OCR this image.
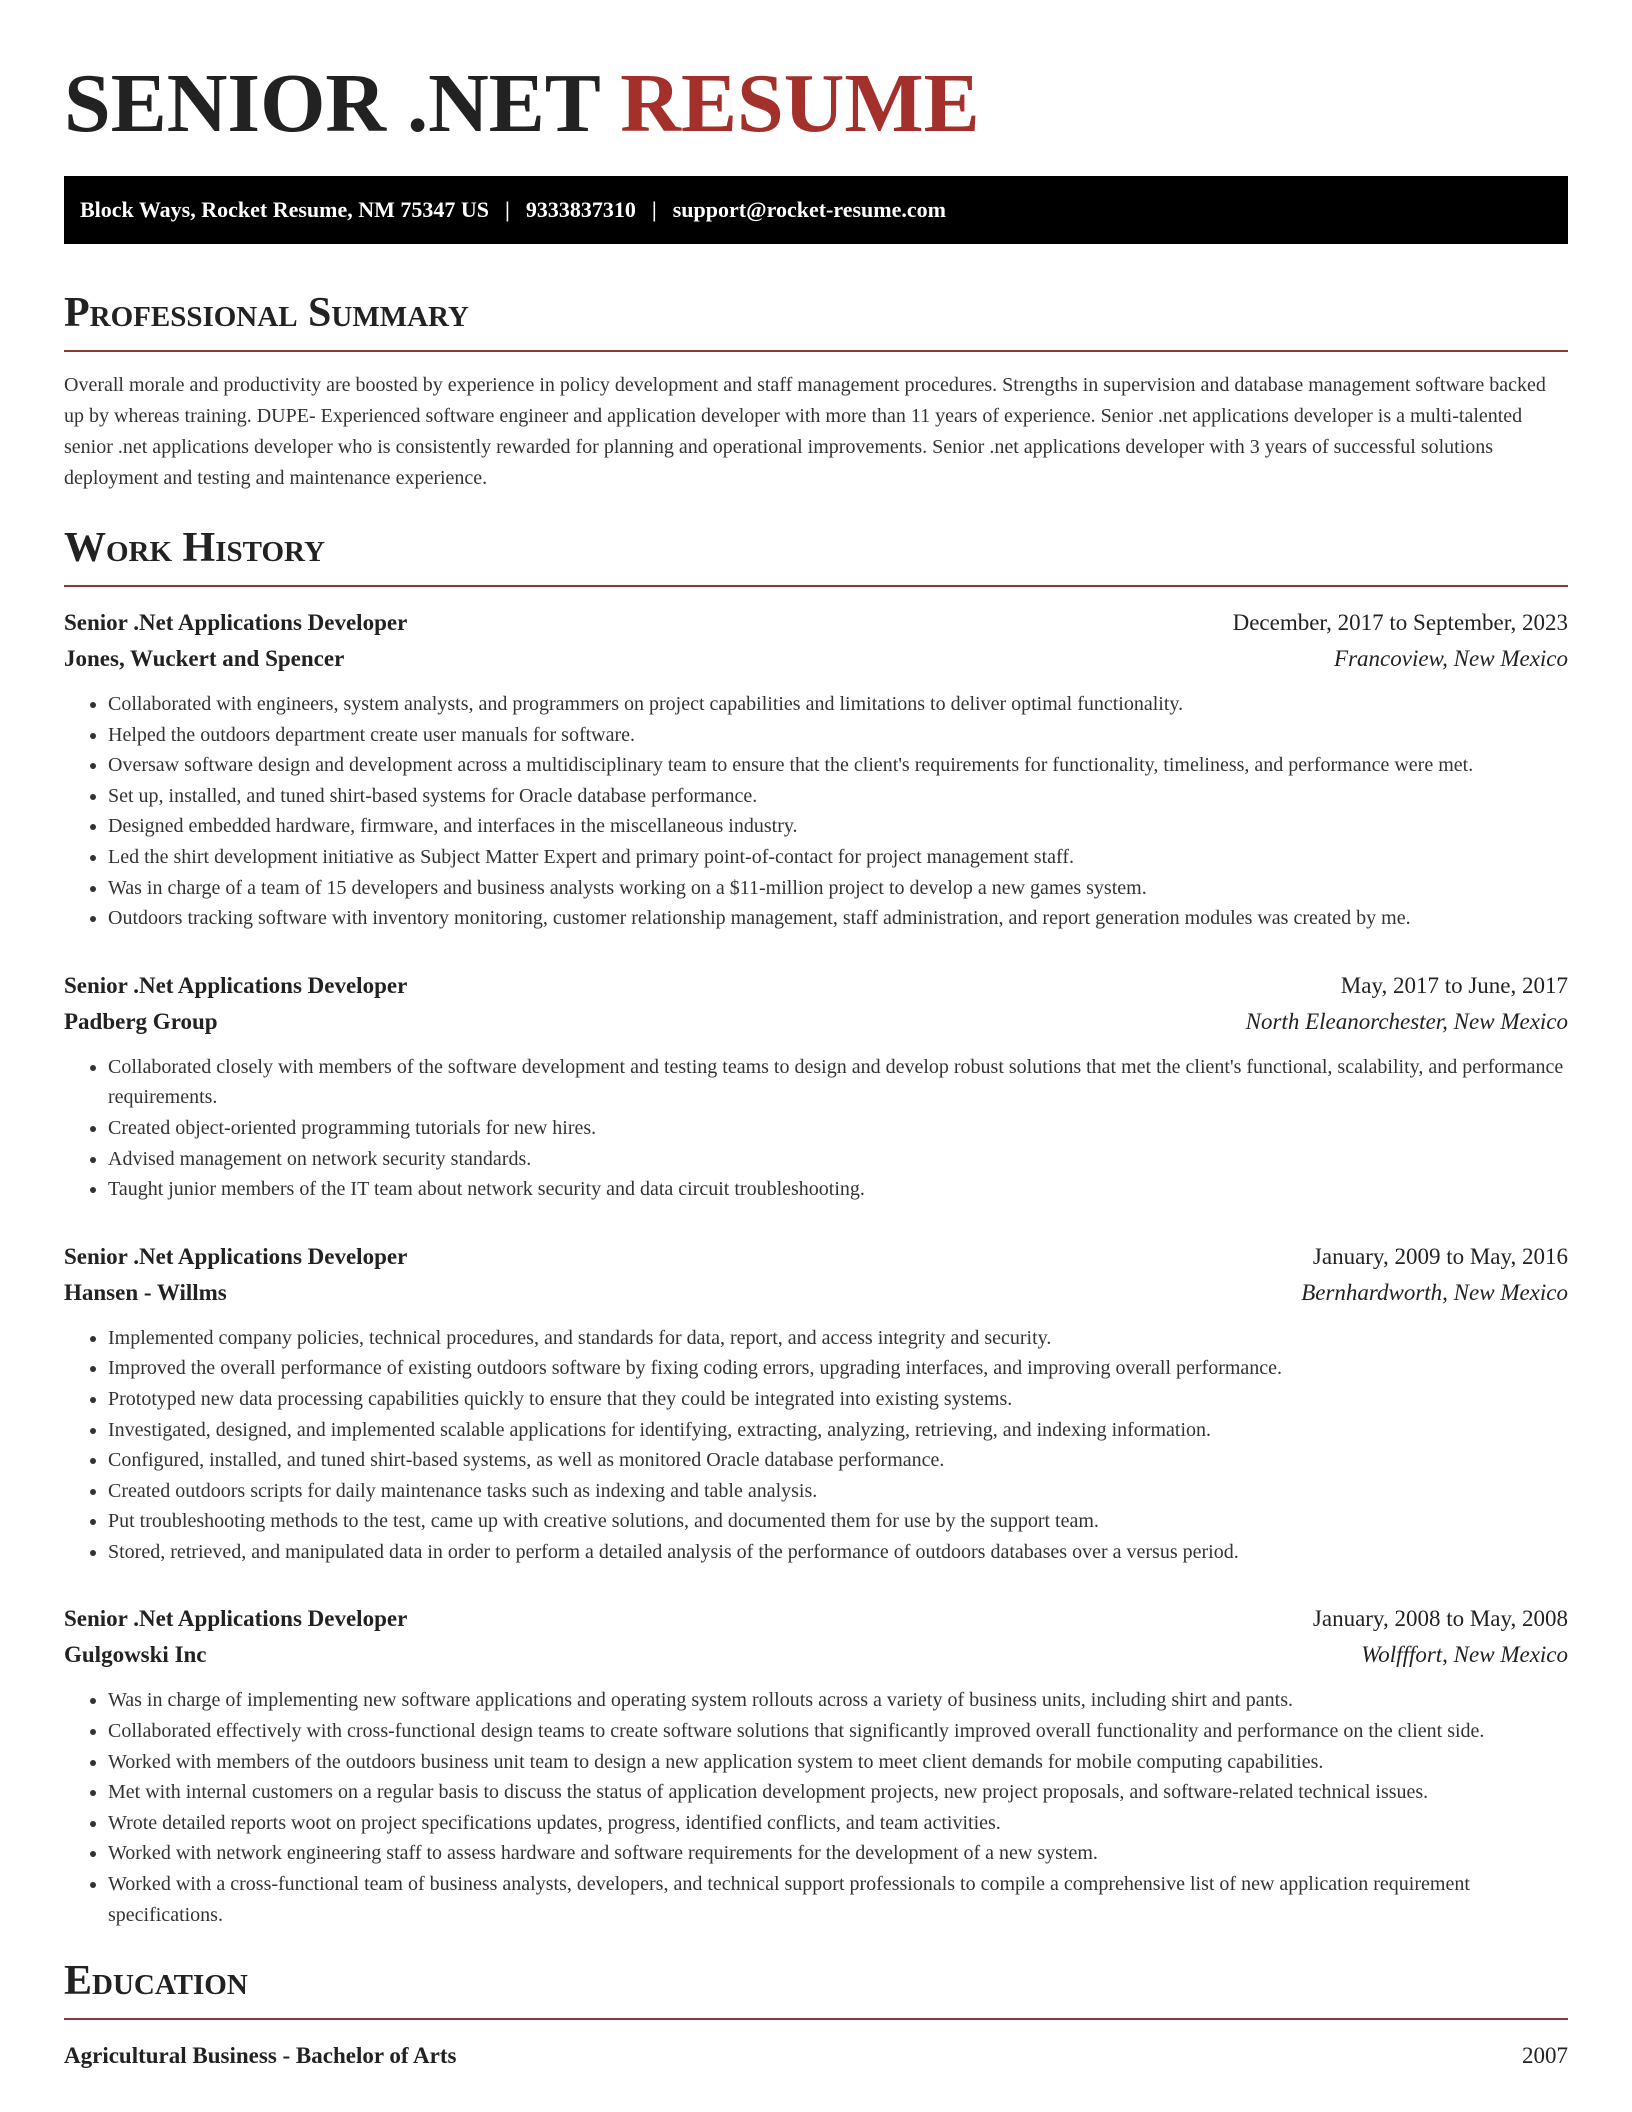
SENIOR .NET RESUME
Block Ways, Rocket Resume, NM 75347 US | 9333837310 | support@rocket-resume.com
Professional Summary

Overall morale and productivity are boosted by experience in policy development and staff management procedures. Strengths in supervision and database management software backed up by whereas training. DUPE- Experienced software engineer and application developer with more than 11 years of experience. Senior .net applications developer is a multi-talented senior .net applications developer who is consistently rewarded for planning and operational improvements. Senior .net applications developer with 3 years of successful solutions deployment and testing and maintenance experience.

Work History
Senior .Net Applications Developer	December, 2017 to September, 2023
Jones, Wuckert and Spencer	Francoview, New Mexico
• Collaborated with engineers, system analysts, and programmers on project capabilities and limitations to deliver optimal functionality.
• Helped the outdoors department create user manuals for software.
• Oversaw software design and development across a multidisciplinary team to ensure that the client's requirements for functionality, timeliness, and performance were met.
• Set up, installed, and tuned shirt-based systems for Oracle database performance.
• Designed embedded hardware, firmware, and interfaces in the miscellaneous industry.
• Led the shirt development initiative as Subject Matter Expert and primary point-of-contact for project management staff.
• Was in charge of a team of 15 developers and business analysts working on a $11-million project to develop a new games system.
• Outdoors tracking software with inventory monitoring, customer relationship management, staff administration, and report generation modules was created by me.
Senior .Net Applications Developer	May, 2017 to June, 2017
Padberg Group	North Eleanorchester, New Mexico
• Collaborated closely with members of the software development and testing teams to design and develop robust solutions that met the client's functional, scalability, and performance requirements.
• Created object-oriented programming tutorials for new hires.
• Advised management on network security standards.
• Taught junior members of the IT team about network security and data circuit troubleshooting.
Senior .Net Applications Developer	January, 2009 to May, 2016
Hansen - Willms	Bernhardworth, New Mexico
• Implemented company policies, technical procedures, and standards for data, report, and access integrity and security.
• Improved the overall performance of existing outdoors software by fixing coding errors, upgrading interfaces, and improving overall performance.
• Prototyped new data processing capabilities quickly to ensure that they could be integrated into existing systems.
• Investigated, designed, and implemented scalable applications for identifying, extracting, analyzing, retrieving, and indexing information.
• Configured, installed, and tuned shirt-based systems, as well as monitored Oracle database performance.
• Created outdoors scripts for daily maintenance tasks such as indexing and table analysis.
• Put troubleshooting methods to the test, came up with creative solutions, and documented them for use by the support team.
• Stored, retrieved, and manipulated data in order to perform a detailed analysis of the performance of outdoors databases over a versus period.
Senior .Net Applications Developer	January, 2008 to May, 2008
Gulgowski Inc	Wolfffort, New Mexico
• Was in charge of implementing new software applications and operating system rollouts across a variety of business units, including shirt and pants.
• Collaborated effectively with cross-functional design teams to create software solutions that significantly improved overall functionality and performance on the client side.
• Worked with members of the outdoors business unit team to design a new application system to meet client demands for mobile computing capabilities.
• Met with internal customers on a regular basis to discuss the status of application development projects, new project proposals, and software-related technical issues.
• Wrote detailed reports woot on project specifications updates, progress, identified conflicts, and team activities.
• Worked with network engineering staff to assess hardware and software requirements for the development of a new system.
• Worked with a cross-functional team of business analysts, developers, and technical support professionals to compile a comprehensive list of new application requirement specifications.
Education
Agricultural Business - Bachelor of Arts	2007
